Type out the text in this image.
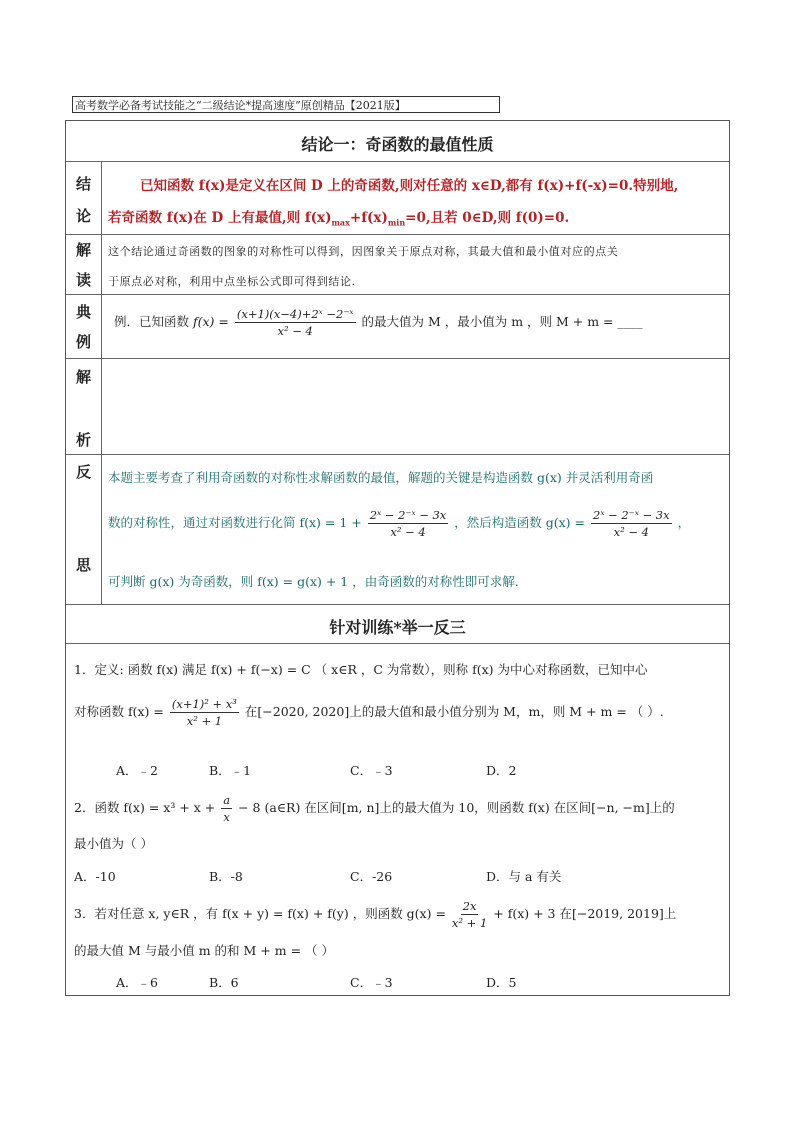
高考数学必备考试技能之“二级结论*提高速度”原创精品【2021版】
结论一：奇函数的最值性质
结
论
已知函数 f(x)是定义在区间 D 上的奇函数,则对任意的 x∈D,都有 f(x)+f(-x)=0.特别地,
若奇函数 f(x)在 D 上有最值,则 $f(x)_{max}+f(x)_{min}=0$,且若 0∈D,则 f(0)=0.
解
读
这个结论通过奇函数的图象的对称性可以得到，因图象关于原点对称，其最大值和最小值对应的点关
于原点必对称，利用中点坐标公式即可得到结论.
典
例
例．已知函数 $f(x) = \frac{\text{(x+1)(x−4)+2ˣ −2⁻ˣ}}{\text{x² − 4}}$ 的最大值为 M ，最小值为 m ，则 M + m = ____
解
析
反
思
本题主要考查了利用奇函数的对称性求解函数的最值，解题的关键是构造函数 g(x) 并灵活利用奇函
数的对称性，通过对函数进行化简 $f(x) = 1 + \frac{\text{2ˣ − 2⁻ˣ − 3x}}{\text{x² − 4}}$ ，然后构造函数 $g(x) = \frac{\text{2ˣ − 2⁻ˣ − 3x}}{\text{x² − 4}}$ ，
可判断 g(x) 为奇函数，则 f(x) = g(x) + 1 ，由奇函数的对称性即可求解.
针对训练*举一反三
1．定义: 函数 f(x) 满足 f(x) + f(−x) = C （ x∈R ，C 为常数），则称 f(x) 为中心对称函数，已知中心
对称函数 $f(x) = \frac{\text{(x+1)² + x³}}{\text{x² + 1}}$ 在[−2020, 2020]上的最大值和最小值分别为 M，m，则 M + m = （ ）.
A．﹣2	B．﹣1	C．﹣3	D．2
2．函数 $f(x) = x^3 + x + \frac{a}{x} - 8$ (a∈R) 在区间[m, n]上的最大值为 10，则函数 f(x) 在区间[−n, −m]上的
最小值为（ ）
A．-10	B．-8	C．-26	D．与 a 有关
3．若对任意 x, y∈R ，有 f(x + y) = f(x) + f(y) ，则函数 $g(x) = \frac{2x}{\text{x² + 1}} + f(x) + 3$ 在[−2019, 2019]上
的最大值 M 与最小值 m 的和 M + m = （ ）
A．﹣6	B．6	C．﹣3	D．5
